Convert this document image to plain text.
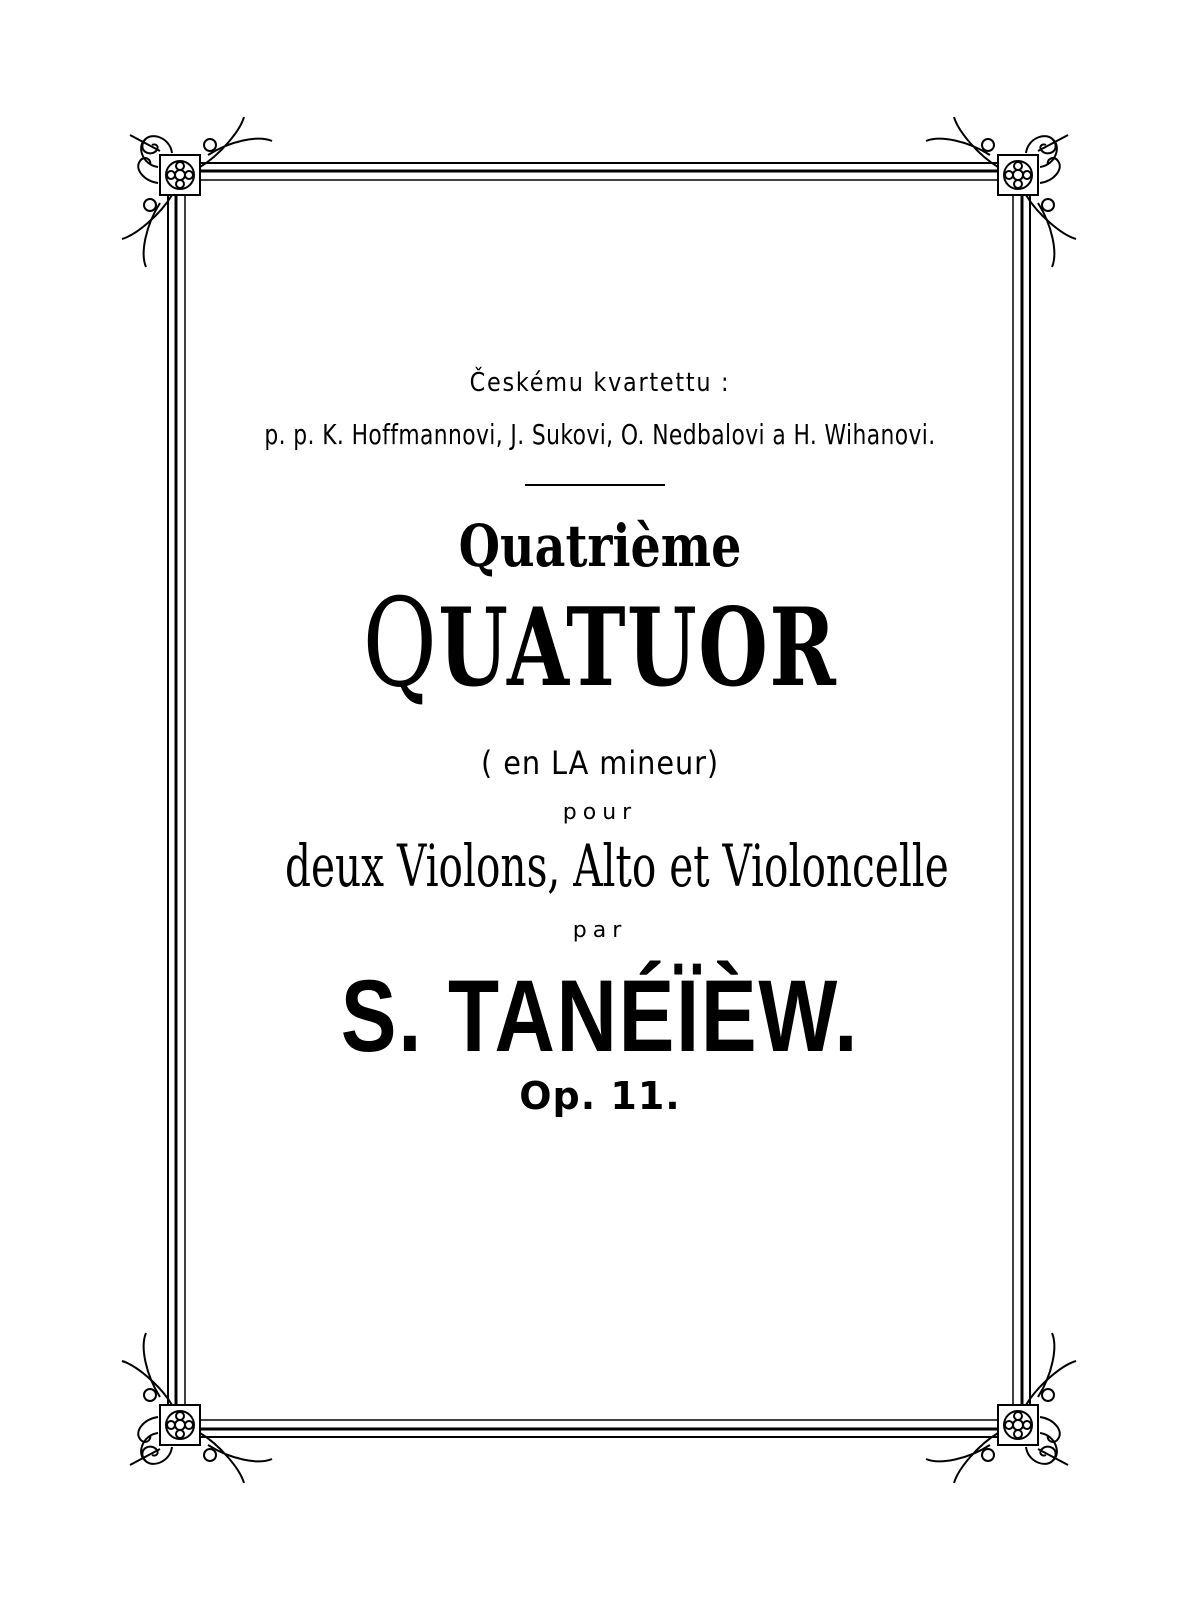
Českému kvartettu :
p. p. K. Hoffmannovi, J. Sukovi, O. Nedbalovi a H. Wihanovi.
Quatrième
QUATUOR
( en LA mineur)
pour
deux Violons, Alto et Violoncelle
par
S. TANÉÏÈW.
Op. 11.
